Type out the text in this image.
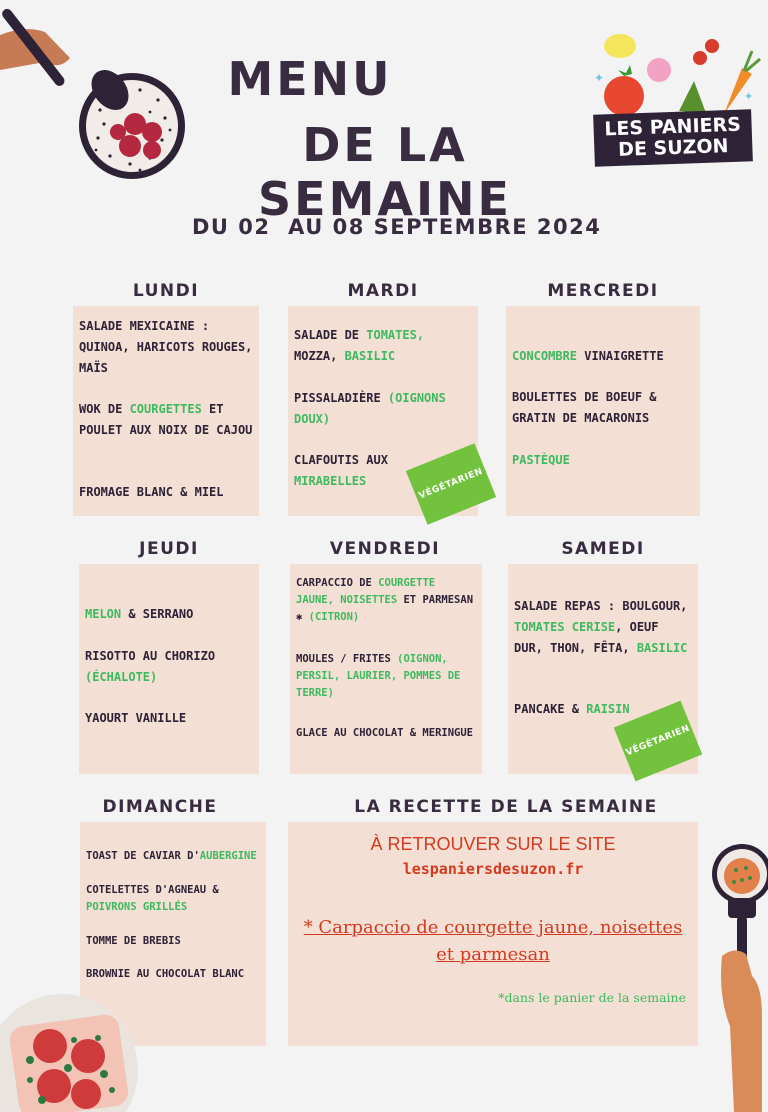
MENU
DE LA SEMAINE
✦
✦
LES PANIERS
DE SUZON
DU 02  AU 08 SEPTEMBRE 2024
LUNDI	MARDI	MERCREDI
JEUDI	VENDREDI	SAMEDI
DIMANCHE	LA RECETTE DE LA SEMAINE
SALADE MEXICAINE : QUINOA, HARICOTS ROUGES, MAÏS
WOK DE COURGETTES ET POULET AUX NOIX DE CAJOU
FROMAGE BLANC & MIEL
SALADE DE TOMATES, MOZZA, BASILIC
PISSALADIÈRE (OIGNONS DOUX)
CLAFOUTIS AUX MIRABELLES	VÉGÉTARIEN
CONCOMBRE VINAIGRETTE
BOULETTES DE BOEUF & GRATIN DE MACARONIS
PASTÈQUE
MELON & SERRANO
RISOTTO AU CHORIZO (ÉCHALOTE)
YAOURT VANILLE
CARPACCIO DE COURGETTE JAUNE, NOISETTES ET PARMESAN ✱ (CITRON)
MOULES / FRITES (OIGNON, PERSIL, LAURIER, POMMES DE TERRE)
GLACE AU CHOCOLAT & MERINGUE
SALADE REPAS : BOULGOUR, TOMATES CERISE, OEUF DUR, THON, FÊTA, BASILIC
PANCAKE & RAISIN
VÉGÉTARIEN
TOAST DE CAVIAR D'AUBERGINE
COTELETTES D'AGNEAU & POIVRONS GRILLÉS
TOMME DE BREBIS
BROWNIE AU CHOCOLAT BLANC
À RETROUVER SUR LE SITE
lespaniersdesuzon.fr
* Carpaccio de courgette jaune, noisettes et parmesan
*dans le panier de la semaine
